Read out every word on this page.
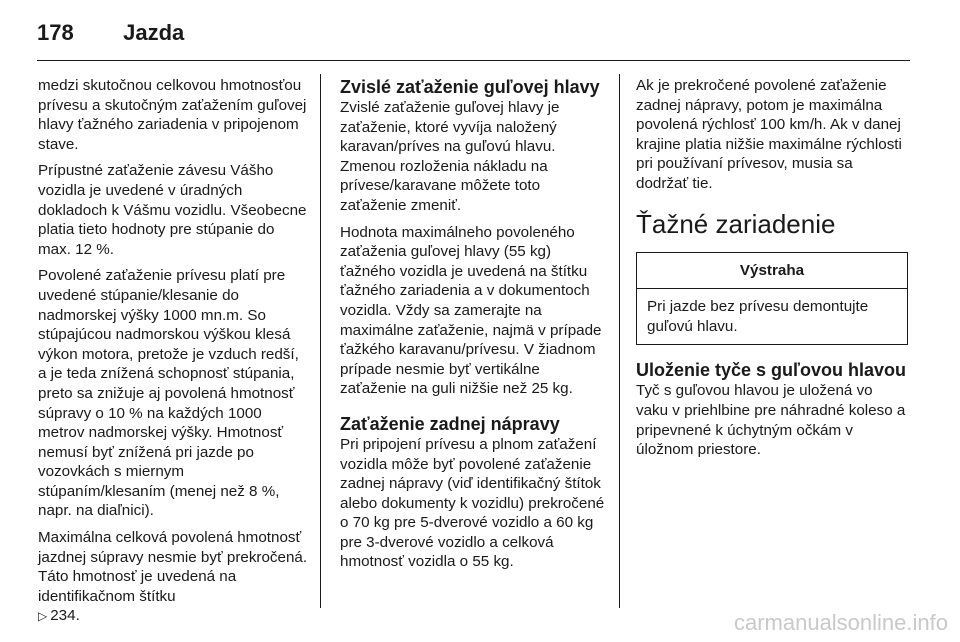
178 Jazda

medzi skutočnou celkovou hmotnosťou prívesu a skutočným zaťažením guľovej hlavy ťažného zariadenia v pripojenom stave.

Prípustné zaťaženie závesu Vášho vozidla je uvedené v úradných dokladoch k Vášmu vozidlu. Všeobecne platia tieto hodnoty pre stúpanie do max. 12 %.

Povolené zaťaženie prívesu platí pre uvedené stúpanie/klesanie do nadmorskej výšky 1000 mn.m. So stúpajúcou nadmorskou výškou klesá výkon motora, pretože je vzduch redší, a je teda znížená schopnosť stúpania, preto sa znižuje aj povolená hmotnosť súpravy o 10 % na každých 1000 metrov nadmorskej výšky. Hmotnosť nemusí byť znížená pri jazde po vozovkách s miernym stúpaním/klesaním (menej než 8 %, napr. na diaľnici).

Maximálna celková povolená hmotnosť jazdnej súpravy nesmie byť prekročená. Táto hmotnosť je uvedená na identifikačnom štítku
▷ 234.

Zvislé zaťaženie guľovej hlavy

Zvislé zaťaženie guľovej hlavy je zaťaženie, ktoré vyvíja naložený karavan/príves na guľovú hlavu. Zmenou rozloženia nákladu na prívese/karavane môžete toto zaťaženie zmeniť.

Hodnota maximálneho povoleného zaťaženia guľovej hlavy (55 kg) ťažného vozidla je uvedená na štítku ťažného zariadenia a v dokumentoch vozidla. Vždy sa zamerajte na maximálne zaťaženie, najmä v prípade ťažkého karavanu/prívesu. V žiadnom prípade nesmie byť vertikálne zaťaženie na guli nižšie než 25 kg.

Zaťaženie zadnej nápravy

Pri pripojení prívesu a plnom zaťažení vozidla môže byť povolené zaťaženie zadnej nápravy (viď identifikačný štítok alebo dokumenty k vozidlu) prekročené o 70 kg pre 5-dverové vozidlo a 60 kg pre 3-dverové vozidlo a celková hmotnosť vozidla o 55 kg.

Ak je prekročené povolené zaťaženie zadnej nápravy, potom je maximálna povolená rýchlosť 100 km/h. Ak v danej krajine platia nižšie maximálne rýchlosti pri používaní prívesov, musia sa dodržať tie.

Ťažné zariadenie
Výstraha
Pri jazde bez prívesu demontujte guľovú hlavu.
Uloženie tyče s guľovou hlavou

Tyč s guľovou hlavou je uložená vo vaku v priehlbine pre náhradné koleso a pripevnené k úchytným očkám v úložnom priestore.

carmanualsonline.info
